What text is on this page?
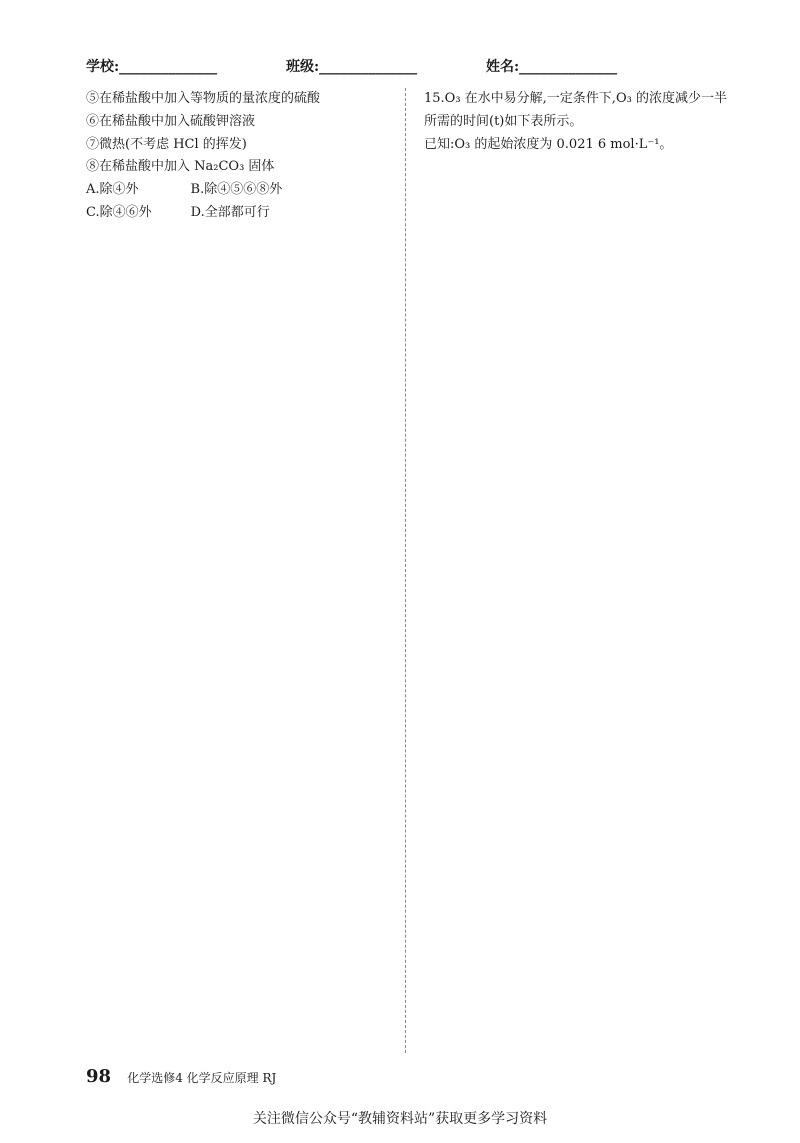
学校:______________	班级:______________	姓名:______________
⑤在稀盐酸中加入等物质的量浓度的硫酸
⑥在稀盐酸中加入硫酸钾溶液
⑦微热(不考虑 HCl 的挥发)
⑧在稀盐酸中加入 Na₂CO₃ 固体
A.除④外　　　　B.除④⑤⑥⑧外
C.除④⑥外　　　D.全部都可行
15.O₃ 在水中易分解,一定条件下,O₃ 的浓度减少一半所需的时间(t)如下表所示。
已知:O₃ 的起始浓度为 0.021 6 mol·L⁻¹。
98 化学选修4 化学反应原理 RJ
关注微信公众号“教辅资料站”获取更多学习资料
